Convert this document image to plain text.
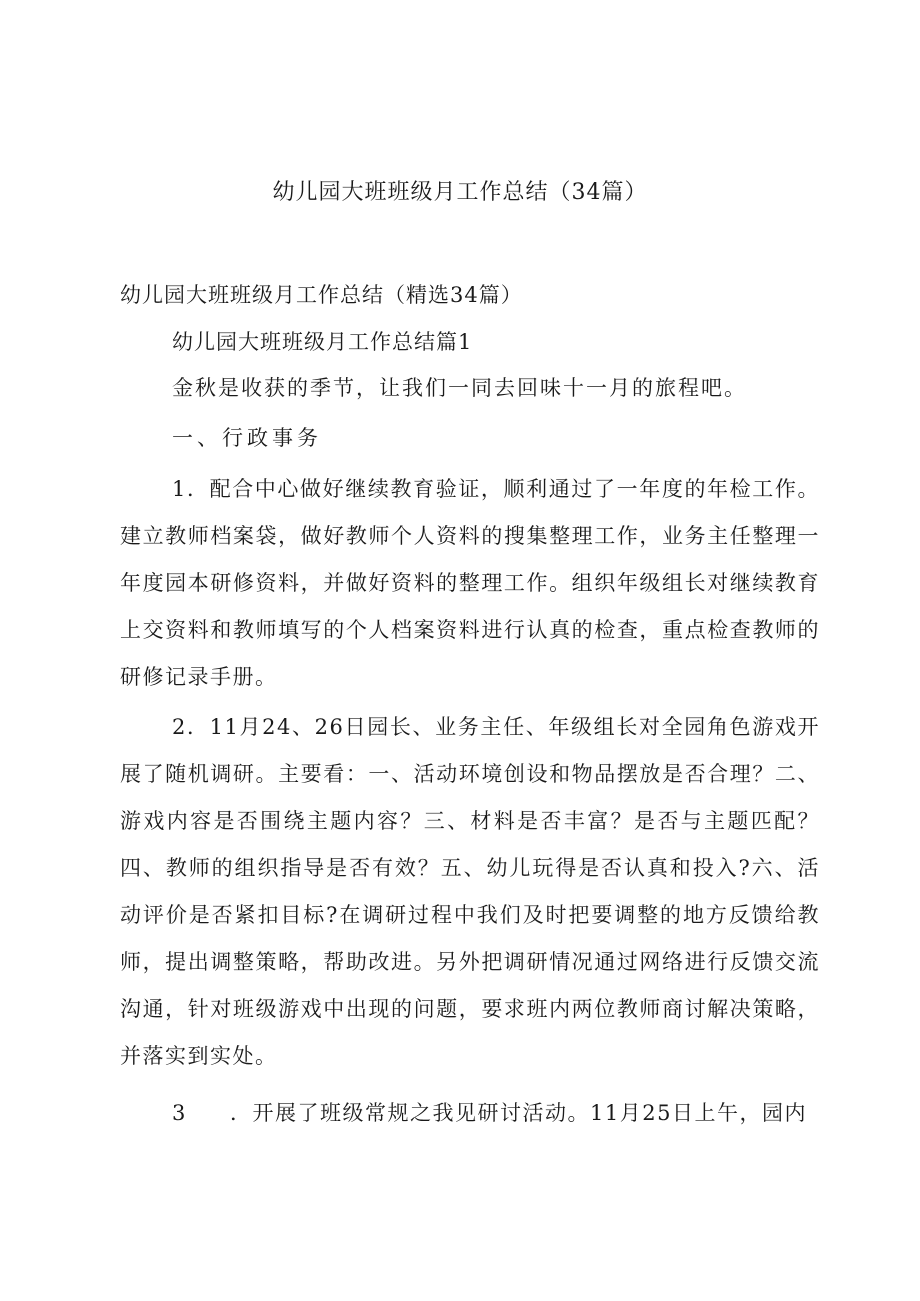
幼儿园大班班级月工作总结（34篇）
幼儿园大班班级月工作总结（精选34篇）
幼儿园大班班级月工作总结篇1
金秋是收获的季节，让我们一同去回味十一月的旅程吧。
一、行政事务

1．配合中心做好继续教育验证，顺利通过了一年度的年检工作。建立教师档案袋，做好教师个人资料的搜集整理工作，业务主任整理一年度园本研修资料，并做好资料的整理工作。组织年级组长对继续教育上交资料和教师填写的个人档案资料进行认真的检查，重点检查教师的研修记录手册。

2．11月24、26日园长、业务主任、年级组长对全园角色游戏开展了随机调研。主要看：一、活动环境创设和物品摆放是否合理？二、游戏内容是否围绕主题内容？三、材料是否丰富？是否与主题匹配？四、教师的组织指导是否有效？五、幼儿玩得是否认真和投入?六、活动评价是否紧扣目标?在调研过程中我们及时把要调整的地方反馈给教师，提出调整策略，帮助改进。另外把调研情况通过网络进行反馈交流沟通，针对班级游戏中出现的问题，要求班内两位教师商讨解决策略，并落实到实处。

3 ．开展了班级常规之我见研讨活动。11月25日上午，园内
